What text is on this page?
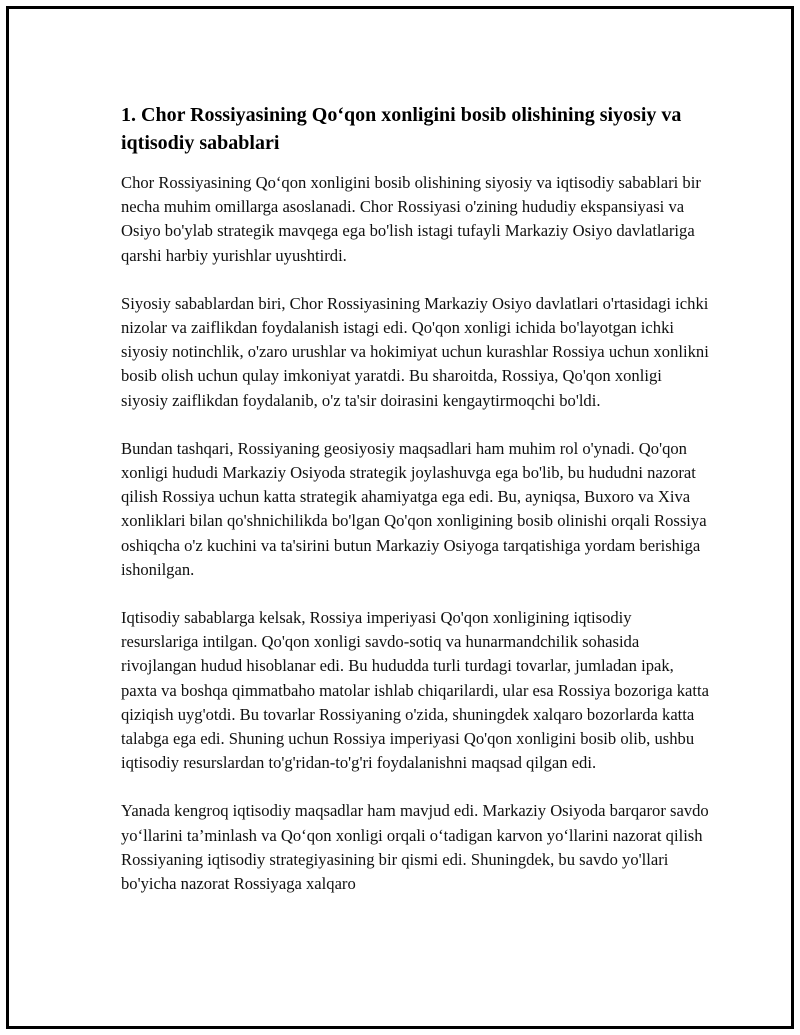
1. Chor Rossiyasining Qo‘qon xonligini bosib olishining siyosiy va iqtisodiy sabablari

Chor Rossiyasining Qo‘qon xonligini bosib olishining siyosiy va iqtisodiy sabablari bir necha muhim omillarga asoslanadi. Chor Rossiyasi o'zining hududiy ekspansiyasi va Osiyo bo'ylab strategik mavqega ega bo'lish istagi tufayli Markaziy Osiyo davlatlariga qarshi harbiy yurishlar uyushtirdi.

Siyosiy sabablardan biri, Chor Rossiyasining Markaziy Osiyo davlatlari o'rtasidagi ichki nizolar va zaiflikdan foydalanish istagi edi. Qo'qon xonligi ichida bo'layotgan ichki siyosiy notinchlik, o'zaro urushlar va hokimiyat uchun kurashlar Rossiya uchun xonlikni bosib olish uchun qulay imkoniyat yaratdi. Bu sharoitda, Rossiya, Qo'qon xonligi siyosiy zaiflikdan foydalanib, o'z ta'sir doirasini kengaytirmoqchi bo'ldi.

Bundan tashqari, Rossiyaning geosiyosiy maqsadlari ham muhim rol o'ynadi. Qo'qon xonligi hududi Markaziy Osiyoda strategik joylashuvga ega bo'lib, bu hududni nazorat qilish Rossiya uchun katta strategik ahamiyatga ega edi. Bu, ayniqsa, Buxoro va Xiva xonliklari bilan qo'shnichilikda bo'lgan Qo'qon xonligining bosib olinishi orqali Rossiya oshiqcha o'z kuchini va ta'sirini butun Markaziy Osiyoga tarqatishiga yordam berishiga ishonilgan.

Iqtisodiy sabablarga kelsak, Rossiya imperiyasi Qo'qon xonligining iqtisodiy resurslariga intilgan. Qo'qon xonligi savdo-sotiq va hunarmandchilik sohasida rivojlangan hudud hisoblanar edi. Bu hududda turli turdagi tovarlar, jumladan ipak, paxta va boshqa qimmatbaho matolar ishlab chiqarilardi, ular esa Rossiya bozoriga katta qiziqish uyg'otdi. Bu tovarlar Rossiyaning o'zida, shuningdek xalqaro bozorlarda katta talabga ega edi. Shuning uchun Rossiya imperiyasi Qo'qon xonligini bosib olib, ushbu iqtisodiy resurslardan to'g'ridan-to'g'ri foydalanishni maqsad qilgan edi.

Yanada kengroq iqtisodiy maqsadlar ham mavjud edi. Markaziy Osiyoda barqaror savdo yo‘llarini ta’minlash va Qo‘qon xonligi orqali o‘tadigan karvon yo‘llarini nazorat qilish Rossiyaning iqtisodiy strategiyasining bir qismi edi. Shuningdek, bu savdo yo'llari bo'yicha nazorat Rossiyaga xalqaro
